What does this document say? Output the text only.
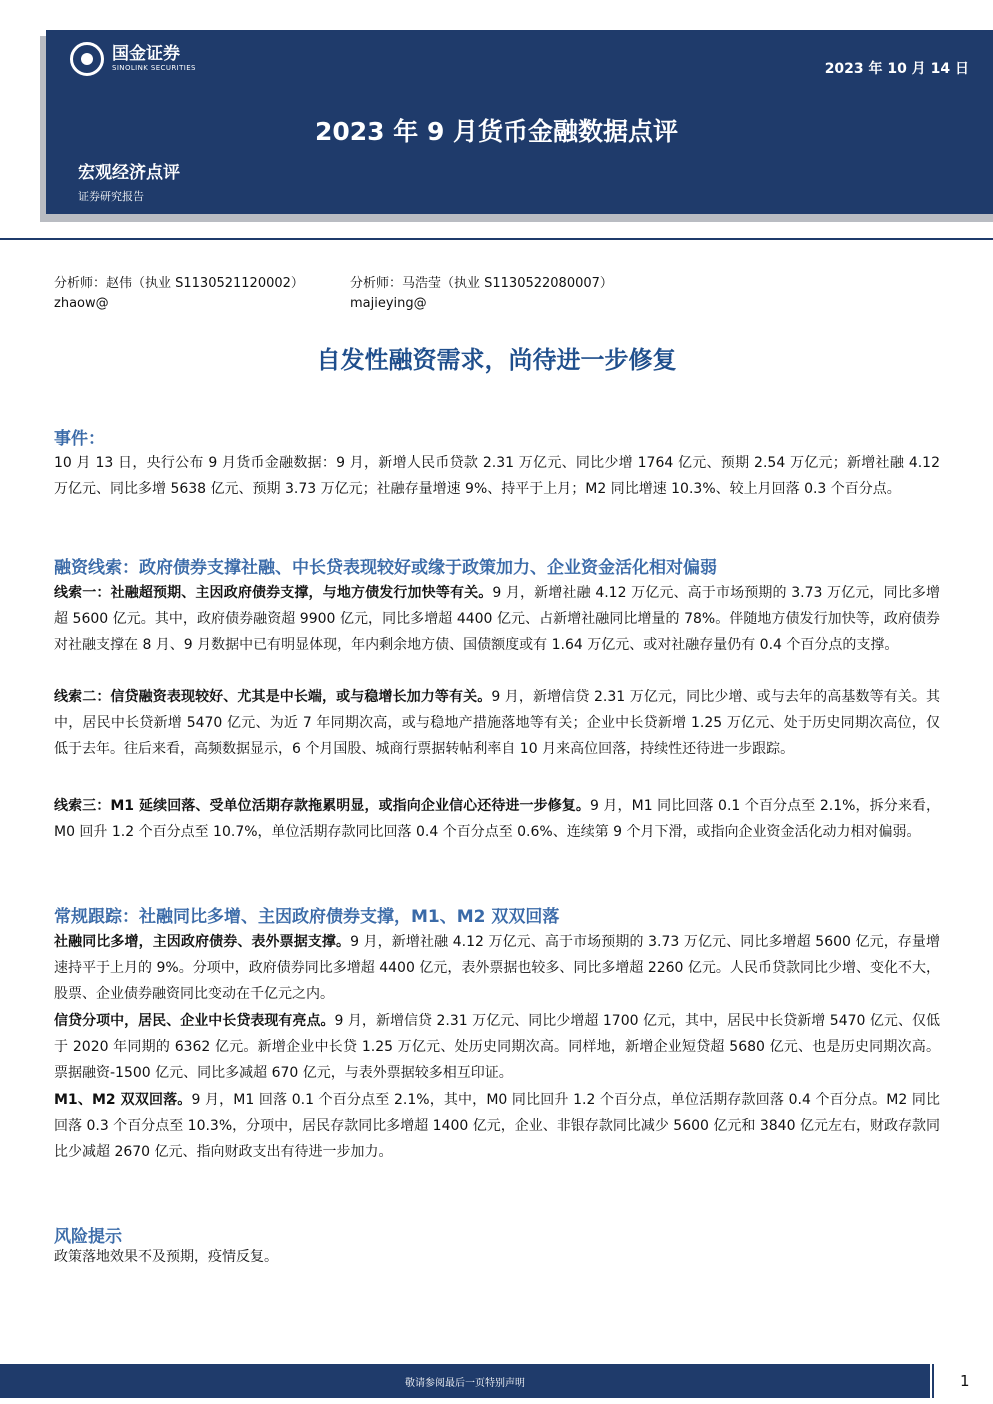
国金证券
SINOLINK SECURITIES	2023 年 10 月 14 日
2023 年 9 月货币金融数据点评
宏观经济点评
证券研究报告
分析师：赵伟（执业 S1130521120002）
zhaow@
分析师：马浩莹（执业 S1130522080007）
majieying@
自发性融资需求，尚待进一步修复
事件：

10 月 13 日，央行公布 9 月货币金融数据：9 月，新增人民币贷款 2.31 万亿元、同比少增 1764 亿元、预期 2.54 万亿元；新增社融 4.12 万亿元、同比多增 5638 亿元、预期 3.73 万亿元；社融存量增速 9%、持平于上月；M2 同比增速 10.3%、较上月回落 0.3 个百分点。

融资线索：政府债券支撑社融、中长贷表现较好或缘于政策加力、企业资金活化相对偏弱

线索一：社融超预期、主因政府债券支撑，与地方债发行加快等有关。9 月，新增社融 4.12 万亿元、高于市场预期的 3.73 万亿元，同比多增超 5600 亿元。其中，政府债券融资超 9900 亿元，同比多增超 4400 亿元、占新增社融同比增量的 78%。伴随地方债发行加快等，政府债券对社融支撑在 8 月、9 月数据中已有明显体现，年内剩余地方债、国债额度或有 1.64 万亿元、或对社融存量仍有 0.4 个百分点的支撑。

线索二：信贷融资表现较好、尤其是中长端，或与稳增长加力等有关。9 月，新增信贷 2.31 万亿元，同比少增、或与去年的高基数等有关。其中，居民中长贷新增 5470 亿元、为近 7 年同期次高，或与稳地产措施落地等有关；企业中长贷新增 1.25 万亿元、处于历史同期次高位，仅低于去年。往后来看，高频数据显示，6 个月国股、城商行票据转帖利率自 10 月来高位回落，持续性还待进一步跟踪。

线索三：M1 延续回落、受单位活期存款拖累明显，或指向企业信心还待进一步修复。9 月，M1 同比回落 0.1 个百分点至 2.1%，拆分来看，M0 回升 1.2 个百分点至 10.7%，单位活期存款同比回落 0.4 个百分点至 0.6%、连续第 9 个月下滑，或指向企业资金活化动力相对偏弱。

常规跟踪：社融同比多增、主因政府债券支撑，M1、M2 双双回落

社融同比多增，主因政府债券、表外票据支撑。9 月，新增社融 4.12 万亿元、高于市场预期的 3.73 万亿元、同比多增超 5600 亿元，存量增速持平于上月的 9%。分项中，政府债券同比多增超 4400 亿元，表外票据也较多、同比多增超 2260 亿元。人民币贷款同比少增、变化不大，股票、企业债券融资同比变动在千亿元之内。

信贷分项中，居民、企业中长贷表现有亮点。9 月，新增信贷 2.31 万亿元、同比少增超 1700 亿元，其中，居民中长贷新增 5470 亿元、仅低于 2020 年同期的 6362 亿元。新增企业中长贷 1.25 万亿元、处历史同期次高。同样地，新增企业短贷超 5680 亿元、也是历史同期次高。票据融资-1500 亿元、同比多减超 670 亿元，与表外票据较多相互印证。

M1、M2 双双回落。9 月，M1 回落 0.1 个百分点至 2.1%，其中，M0 同比回升 1.2 个百分点，单位活期存款回落 0.4 个百分点。M2 同比回落 0.3 个百分点至 10.3%，分项中，居民存款同比多增超 1400 亿元，企业、非银存款同比减少 5600 亿元和 3840 亿元左右，财政存款同比少减超 2670 亿元、指向财政支出有待进一步加力。

风险提示

政策落地效果不及预期，疫情反复。

敬请参阅最后一页特别声明	1
